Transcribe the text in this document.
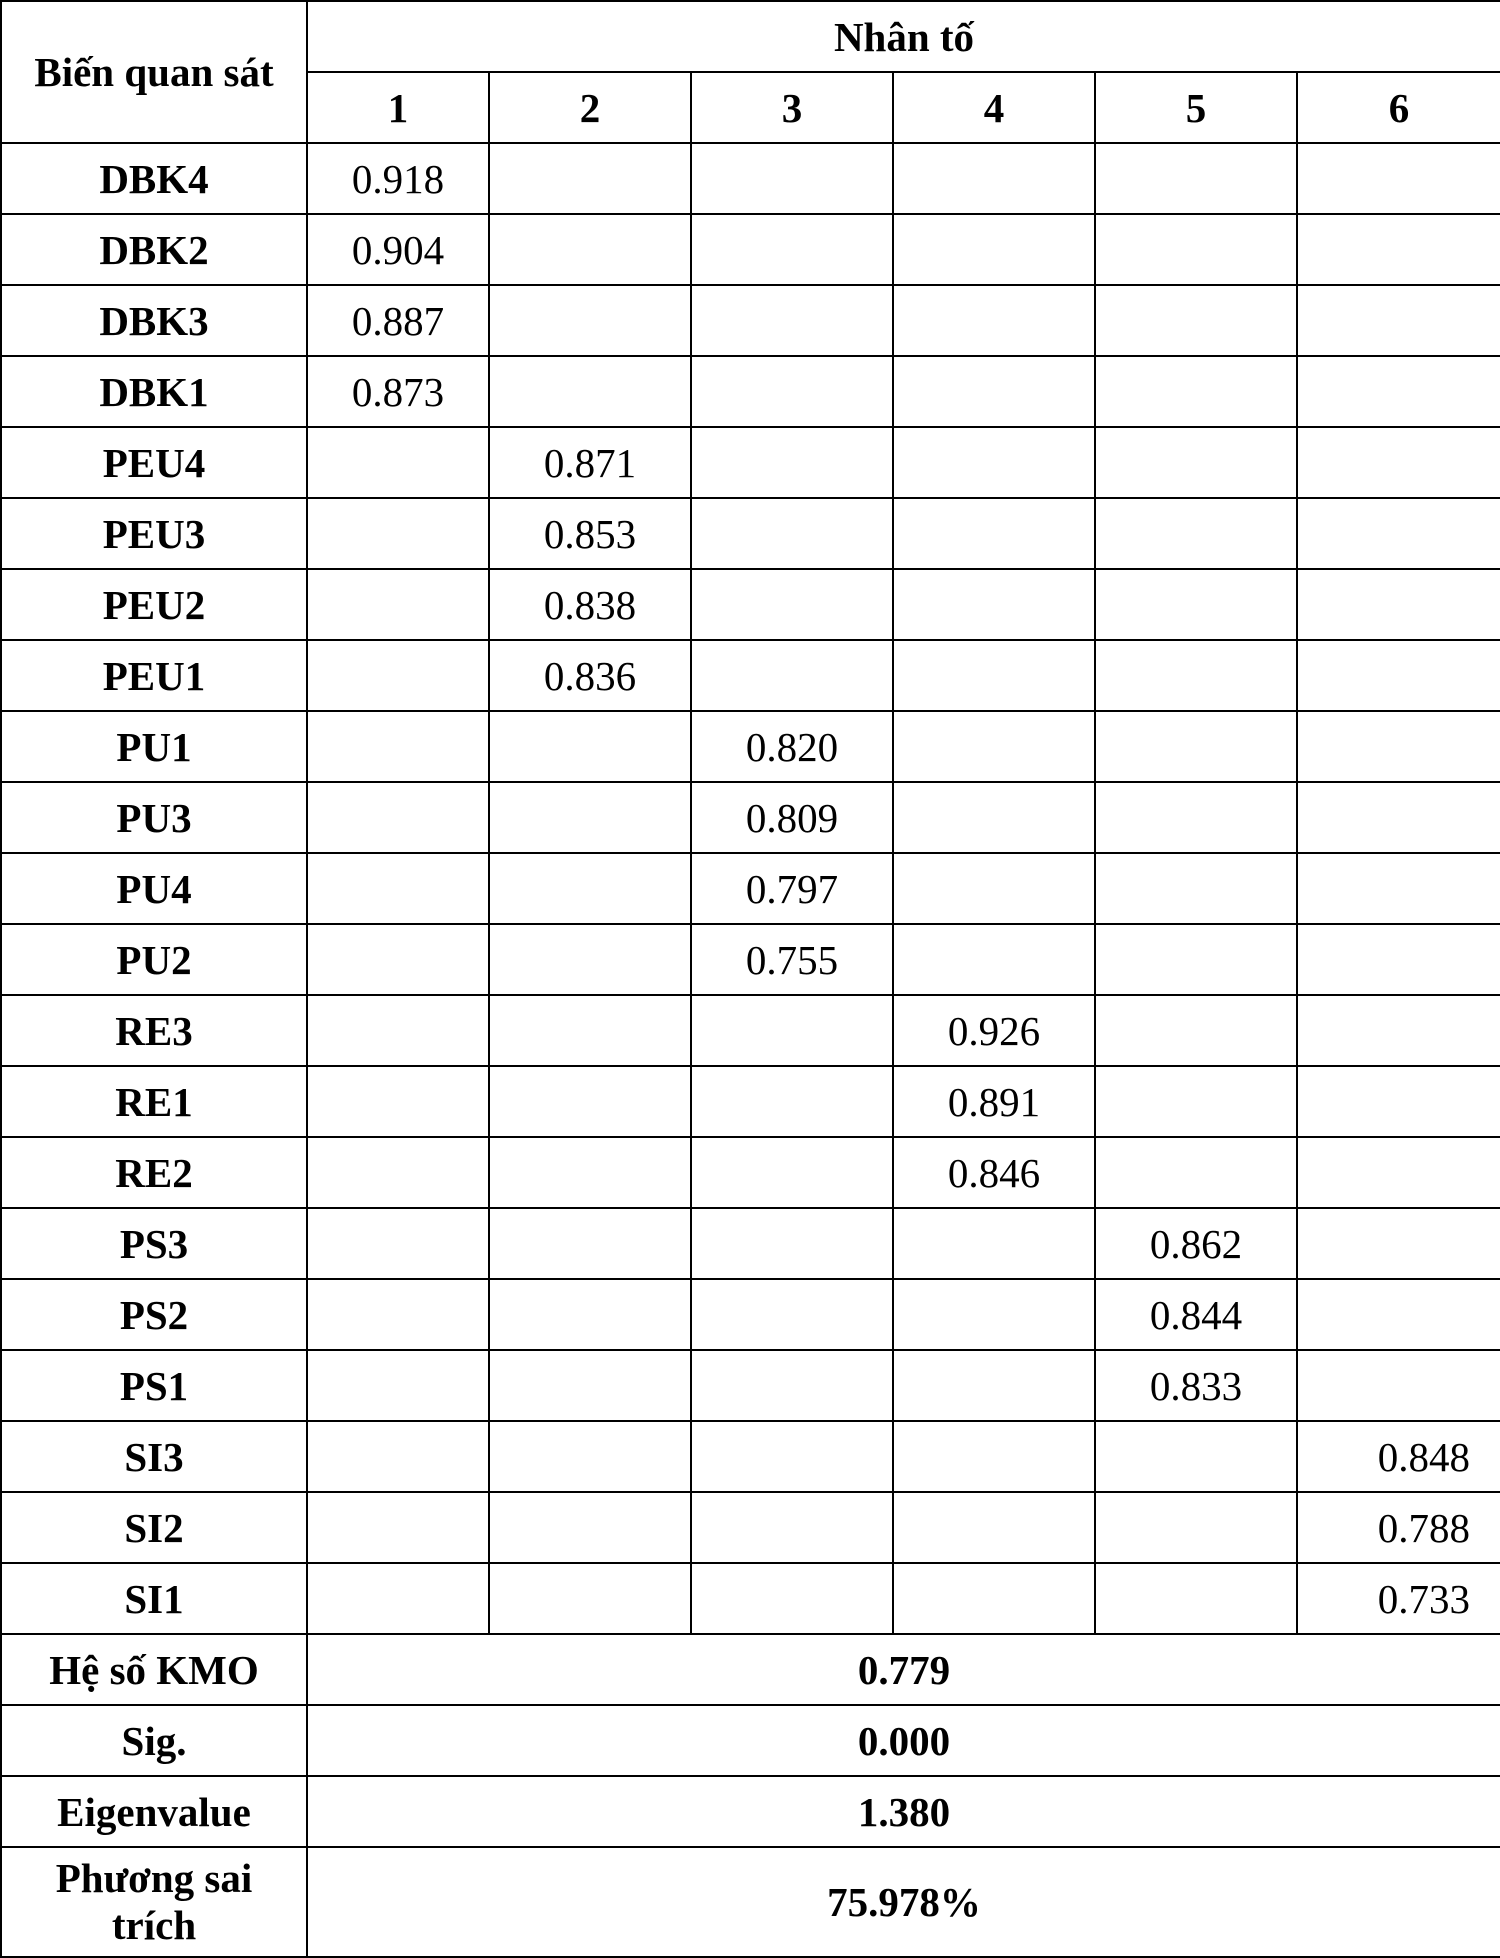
Biến quan sát	Nhân tố					
	1	2	3	4	5	6
DBK4	0.918					
DBK2	0.904					
DBK3	0.887					
DBK1	0.873					
PEU4		0.871				
PEU3		0.853				
PEU2		0.838				
PEU1		0.836				
PU1			0.820			
PU3			0.809			
PU4			0.797			
PU2			0.755			
RE3				0.926		
RE1				0.891		
RE2				0.846		
PS3					0.862	
PS2					0.844	
PS1					0.833	
SI3						0.848
SI2						0.788
SI1						0.733
Hệ số KMO	0.779					
Sig.	0.000					
Eigenvalue	1.380					
Phương sai trích	75.978%					
